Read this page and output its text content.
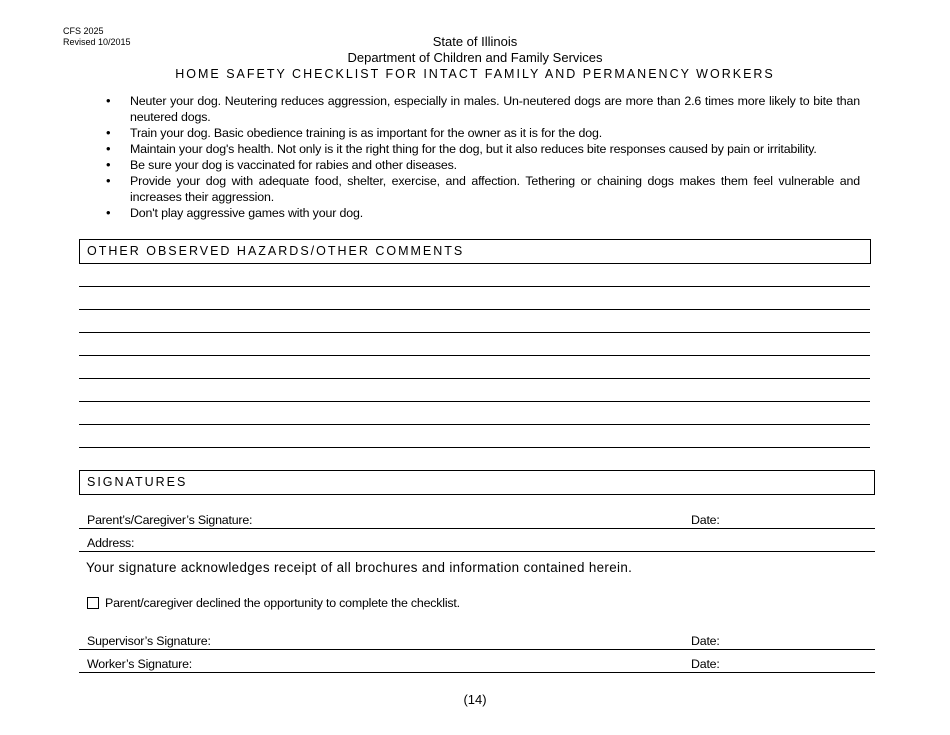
CFS 2025
Revised 10/2015	State of Illinois
Department of Children and Family Services
HOME SAFETY CHECKLIST FOR INTACT FAMILY AND PERMANENCY WORKERS
• Neuter your dog. Neutering reduces aggression, especially in males. Un-neutered dogs are more than 2.6 times more likely to bite than neutered dogs.
• Train your dog. Basic obedience training is as important for the owner as it is for the dog.
• Maintain your dog's health. Not only is it the right thing for the dog, but it also reduces bite responses caused by pain or irritability.
• Be sure your dog is vaccinated for rabies and other diseases.
• Provide your dog with adequate food, shelter, exercise, and affection. Tethering or chaining dogs makes them feel vulnerable and increases their aggression.
• Don't play aggressive games with your dog.
OTHER OBSERVED HAZARDS/OTHER COMMENTS
SIGNATURES
Parent’s/Caregiver’s Signature:	Date:
Address:
Your signature acknowledges receipt of all brochures and information contained herein.
Parent/caregiver declined the opportunity to complete the checklist.
Supervisor’s Signature:	Date:
Worker’s Signature:	Date:
(14)
